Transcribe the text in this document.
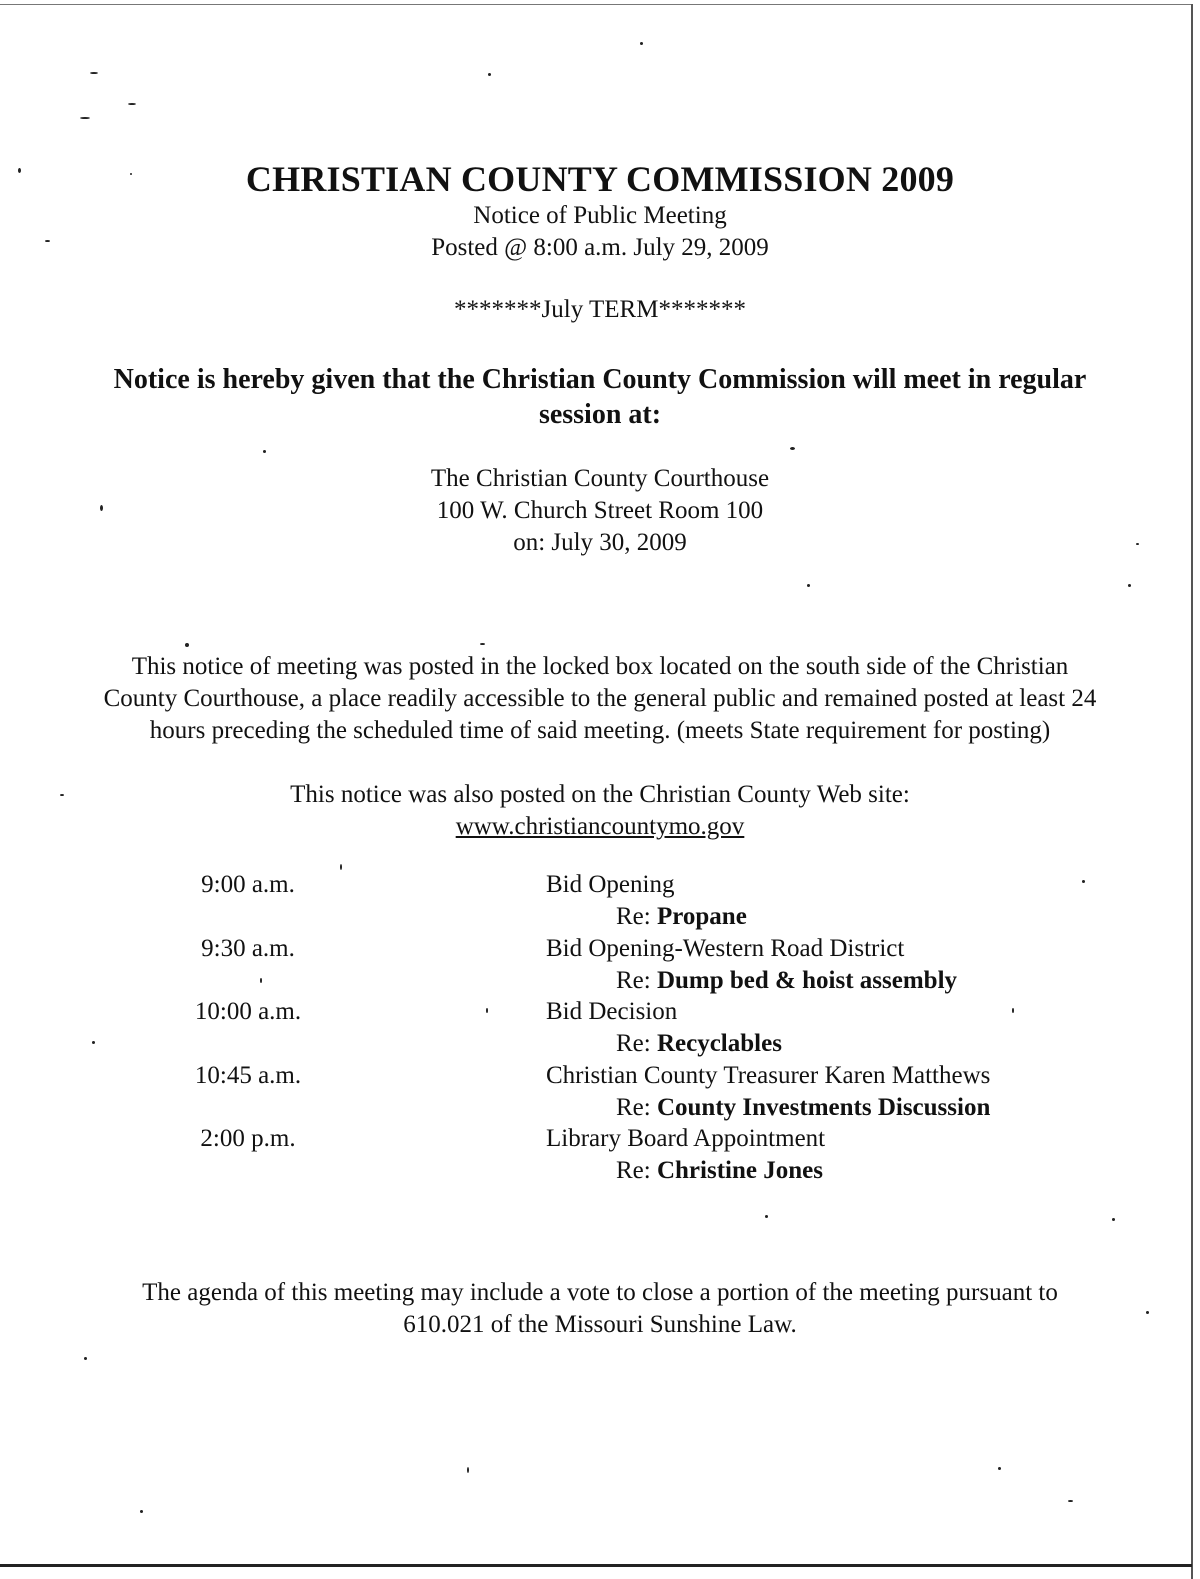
CHRISTIAN COUNTY COMMISSION 2009
Notice of Public Meeting
Posted @ 8:00 a.m. July 29, 2009
*******July TERM*******
Notice is hereby given that the Christian County Commission will meet in regular
session at:
The Christian County Courthouse
100 W. Church Street Room 100
on: July 30, 2009
This notice of meeting was posted in the locked box located on the south side of the Christian
County Courthouse, a place readily accessible to the general public and remained posted at least 24
hours preceding the scheduled time of said meeting. (meets State requirement for posting)
This notice was also posted on the Christian County Web site:
www.christiancountymo.gov
9:00 a.m.	Bid Opening
Re: Propane
9:30 a.m.	Bid Opening-Western Road District
Re: Dump bed & hoist assembly
10:00 a.m.	Bid Decision
Re: Recyclables
10:45 a.m.	Christian County Treasurer Karen Matthews
Re: County Investments Discussion
2:00 p.m.	Library Board Appointment
Re: Christine Jones
The agenda of this meeting may include a vote to close a portion of the meeting pursuant to
610.021 of the Missouri Sunshine Law.
